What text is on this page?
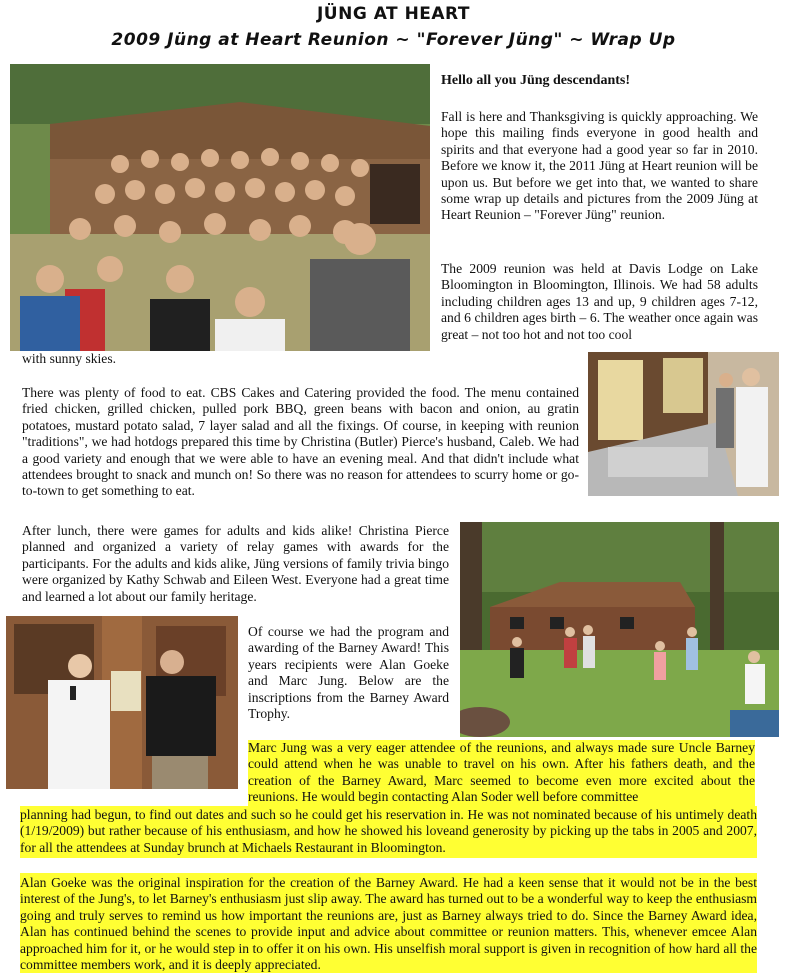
JÜNG AT HEART
2009 Jüng at Heart Reunion ~ "Forever Jüng" ~ Wrap Up
Hello all you Jüng descendants!
Fall is here and Thanksgiving is quickly approaching. We hope this mailing finds everyone in good health and spirits and that everyone had a good year so far in 2010. Before we know it, the 2011 Jüng at Heart reunion will be upon us. But before we get into that, we wanted to share some wrap up details and pictures from the 2009 Jüng at Heart Reunion – "Forever Jüng" reunion.
The 2009 reunion was held at Davis Lodge on Lake Bloomington in Bloomington, Illinois. We had 58 adults including children ages 13 and up, 9 children ages 7-12, and 6 children ages birth – 6. The weather once again was great – not too hot and not too cool
with sunny skies.
There was plenty of food to eat. CBS Cakes and Catering provided the food. The menu contained fried chicken, grilled chicken, pulled pork BBQ, green beans with bacon and onion, au gratin potatoes, mustard potato salad, 7 layer salad and all the fixings. Of course, in keeping with reunion "traditions", we had hotdogs prepared this time by Christina (Butler) Pierce's husband, Caleb. We had a good variety and enough that we were able to have an evening meal. And that didn't include what attendees brought to snack and munch on! So there was no reason for attendees to scurry home or go-to-town to get something to eat.
After lunch, there were games for adults and kids alike! Christina Pierce planned and organized a variety of relay games with awards for the participants. For the adults and kids alike, Jüng versions of family trivia bingo were organized by Kathy Schwab and Eileen West. Everyone had a great time and learned a lot about our family heritage.
Of course we had the program and awarding of the Barney Award! This years recipients were Alan Goeke and Marc Jung. Below are the inscriptions from the Barney Award Trophy.
Marc Jung was a very eager attendee of the reunions, and always made sure Uncle Barney could attend when he was unable to travel on his own. After his fathers death, and the creation of the Barney Award, Marc seemed to become even more excited about the reunions. He would begin contacting Alan Soder well before committee
planning had begun, to find out dates and such so he could get his reservation in. He was not nominated because of his untimely death (1/19/2009) but rather because of his enthusiasm, and how he showed his loveand generosity by picking up the tabs in 2005 and 2007, for all the attendees at Sunday brunch at Michaels Restaurant in Bloomington.
Alan Goeke was the original inspiration for the creation of the Barney Award. He had a keen sense that it would not be in the best interest of the Jung's, to let Barney's enthusiasm just slip away. The award has turned out to be a wonderful way to keep the enthusiasm going and truly serves to remind us how important the reunions are, just as Barney always tried to do. Since the Barney Award idea, Alan has continued behind the scenes to provide input and advice about committee or reunion matters. This, whenever emcee Alan approached him for it, or he would step in to offer it on his own. His unselfish moral support is given in recognition of how hard all the committee members work, and it is deeply appreciated.
